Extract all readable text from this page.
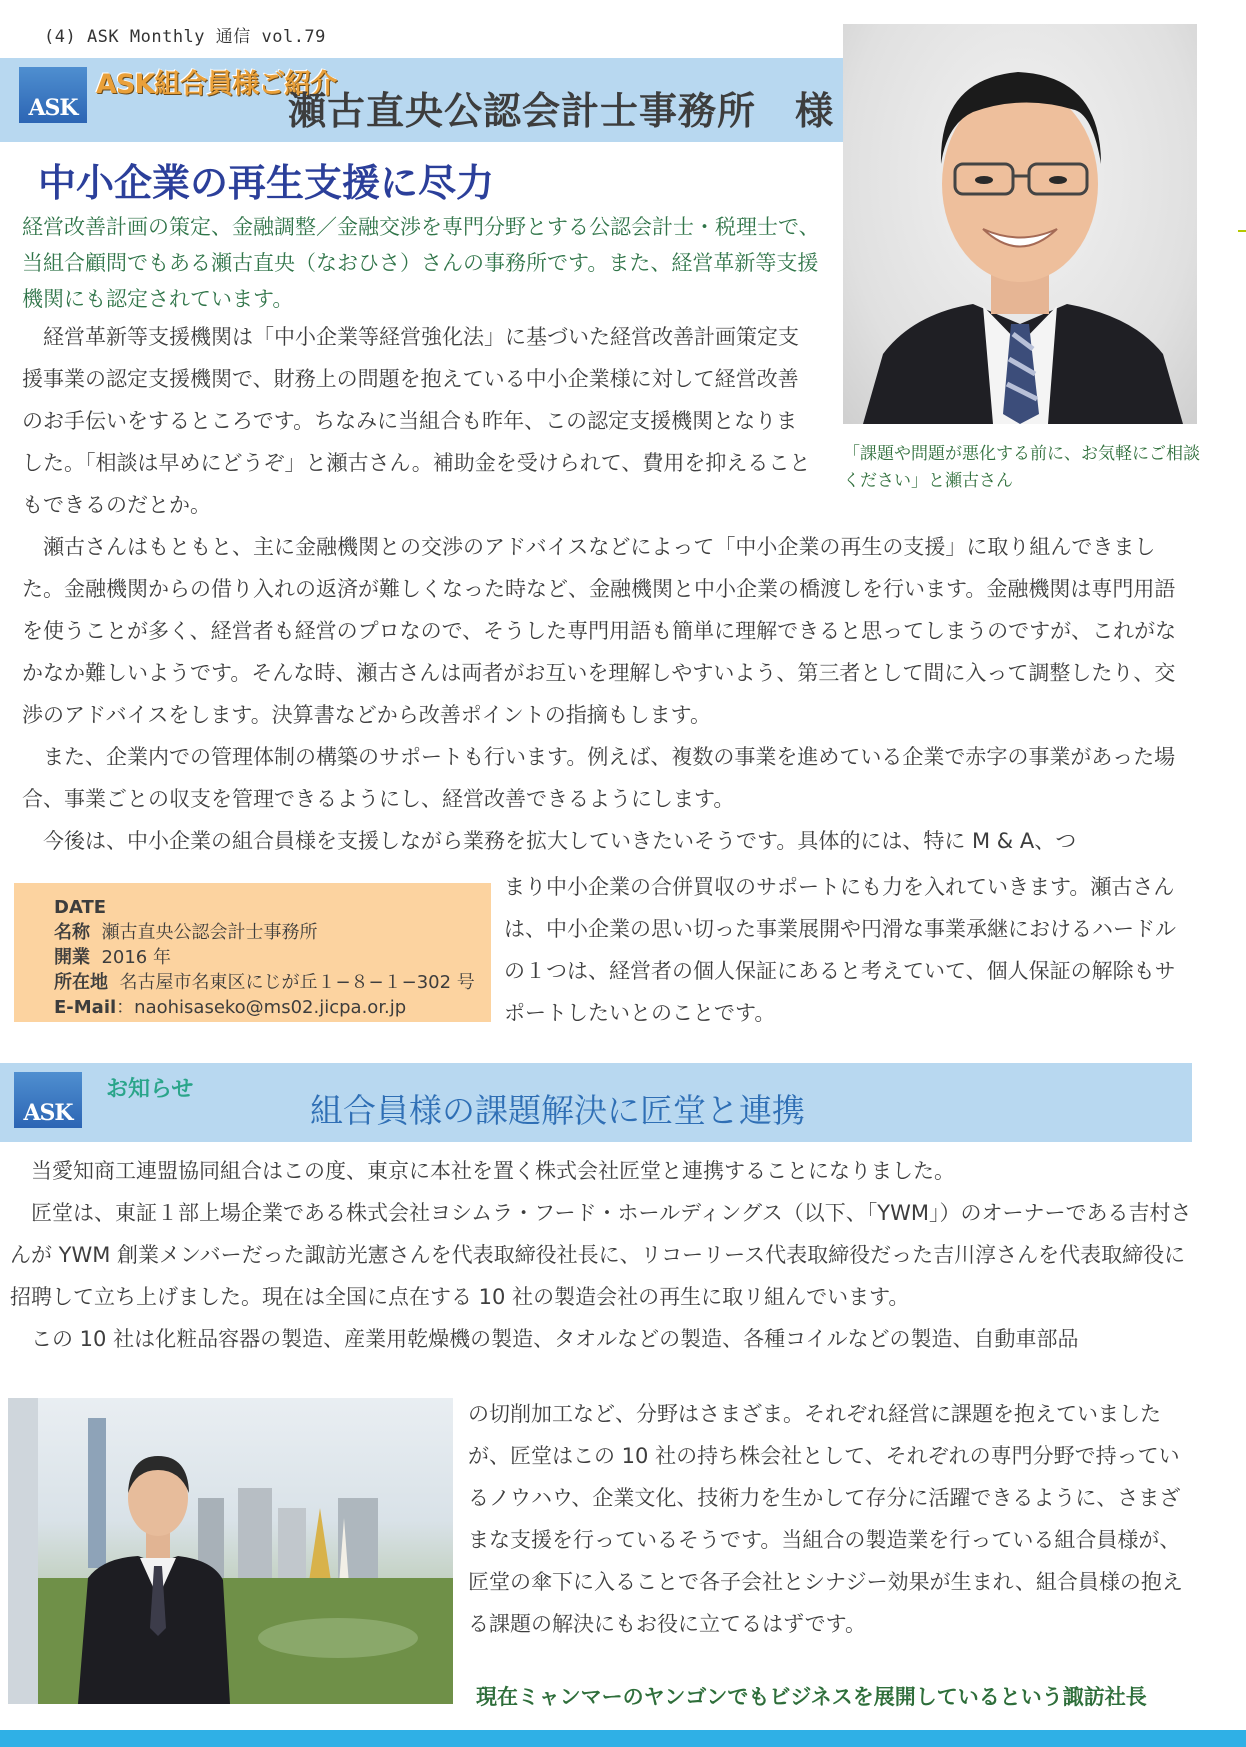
(4) ASK Monthly 通信 vol.79
ASK
ASK組合員様ご紹介
瀬古直央公認会計士事務所　様
「課題や問題が悪化する前に、お気軽にご相談ください」と瀬古さん
中小企業の再生支援に尽力
経営改善計画の策定、金融調整／金融交渉を専門分野とする公認会計士・税理士で、当組合顧問でもある瀬古直央（なおひさ）さんの事務所です。また、経営革新等支援機関にも認定されています。
　経営革新等支援機関は「中小企業等経営強化法」に基づいた経営改善計画策定支援事業の認定支援機関で、財務上の問題を抱えている中小企業様に対して経営改善のお手伝いをするところです。ちなみに当組合も昨年、この認定支援機関となりました。「相談は早めにどうぞ」と瀬古さん。補助金を受けられて、費用を抑えることもできるのだとか。
　瀬古さんはもともと、主に金融機関との交渉のアドバイスなどによって「中小企業の再生の支援」に取り組んできました。金融機関からの借り入れの返済が難しくなった時など、金融機関と中小企業の橋渡しを行います。金融機関は専門用語を使うことが多く、経営者も経営のプロなので、そうした専門用語も簡単に理解できると思ってしまうのですが、これがなかなか難しいようです。そんな時、瀬古さんは両者がお互いを理解しやすいよう、第三者として間に入って調整したり、交渉のアドバイスをします。決算書などから改善ポイントの指摘もします。
　また、企業内での管理体制の構築のサポートも行います。例えば、複数の事業を進めている企業で赤字の事業があった場合、事業ごとの収支を管理できるようにし、経営改善できるようにします。
　今後は、中小企業の組合員様を支援しながら業務を拡大していきたいそうです。具体的には、特に M & A、つ
まり中小企業の合併買収のサポートにも力を入れていきます。瀬古さんは、中小企業の思い切った事業展開や円滑な事業承継におけるハードルの１つは、経営者の個人保証にあると考えていて、個人保証の解除もサポートしたいとのことです。
DATE
名称 瀬古直央公認会計士事務所
開業 2016 年
所在地 名古屋市名東区にじが丘１−８−１−302 号
E-Mail：naohisaseko@ms02.jicpa.or.jp
ASK
お知らせ
組合員様の課題解決に匠堂と連携
　当愛知商工連盟協同組合はこの度、東京に本社を置く株式会社匠堂と連携することになりました。
　匠堂は、東証１部上場企業である株式会社ヨシムラ・フード・ホールディングス（以下、「YWM」）のオーナーである吉村さんが YWM 創業メンバーだった諏訪光憲さんを代表取締役社長に、リコーリース代表取締役だった吉川淳さんを代表取締役に招聘して立ち上げました。現在は全国に点在する 10 社の製造会社の再生に取リ組んでいます。
　この 10 社は化粧品容器の製造、産業用乾燥機の製造、タオルなどの製造、各種コイルなどの製造、自動車部品
の切削加工など、分野はさまざま。それぞれ経営に課題を抱えていましたが、匠堂はこの 10 社の持ち株会社として、それぞれの専門分野で持っているノウハウ、企業文化、技術力を生かして存分に活躍できるように、さまざまな支援を行っているそうです。当組合の製造業を行っている組合員様が、匠堂の傘下に入ることで各子会社とシナジー効果が生まれ、組合員様の抱える課題の解決にもお役に立てるはずです。
現在ミャンマーのヤンゴンでもビジネスを展開しているという諏訪社長
